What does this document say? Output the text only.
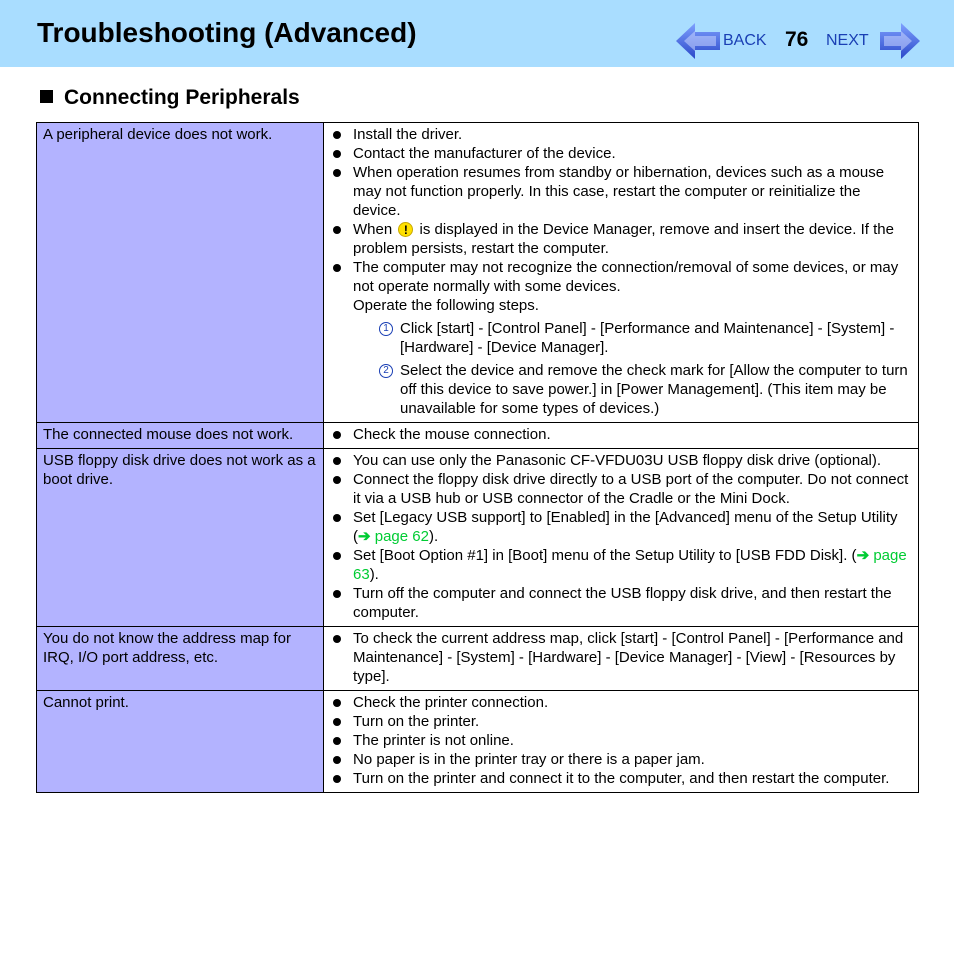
Troubleshooting (Advanced)	BACK 76 NEXT
Connecting Peripherals
A peripheral device does not work.	Install the driver.
Contact the manufacturer of the device.
When operation resumes from standby or hibernation, devices such as a mouse may not function properly. In this case, restart the computer or reinitialize the device.
When ! is displayed in the Device Manager, remove and insert the device. If the problem persists, restart the computer.
The computer may not recognize the connection/removal of some devices, or may not operate normally with some devices.
Operate the following steps.
1 Click [start] - [Control Panel] - [Performance and Maintenance] - [System] - [Hardware] - [Device Manager].
2 Select the device and remove the check mark for [Allow the computer to turn off this device to save power.] in [Power Management]. (This item may be unavailable for some types of devices.)

The connected mouse does not work.	Check the mouse connection.

USB floppy disk drive does not work as a boot drive.	
You can use only the Panasonic CF-VFDU03U USB floppy disk drive (optional).
Connect the floppy disk drive directly to a USB port of the computer. Do not connect it via a USB hub or USB connector of the Cradle or the Mini Dock.
Set [Legacy USB support] to [Enabled] in the [Advanced] menu of the Setup Utility (➔ page 62).
Set [Boot Option #1] in [Boot] menu of the Setup Utility to [USB FDD Disk]. (➔ page 63).
Turn off the computer and connect the USB floppy disk drive, and then restart the computer.

You do not know the address map for IRQ, I/O port address, etc.	
To check the current address map, click [start] - [Control Panel] - [Performance and Maintenance] - [System] - [Hardware] - [Device Manager] - [View] - [Resources by type].

Cannot print.	Check the printer connection.
Turn on the printer.
The printer is not online.
No paper is in the printer tray or there is a paper jam.
Turn on the printer and connect it to the computer, and then restart the computer.
